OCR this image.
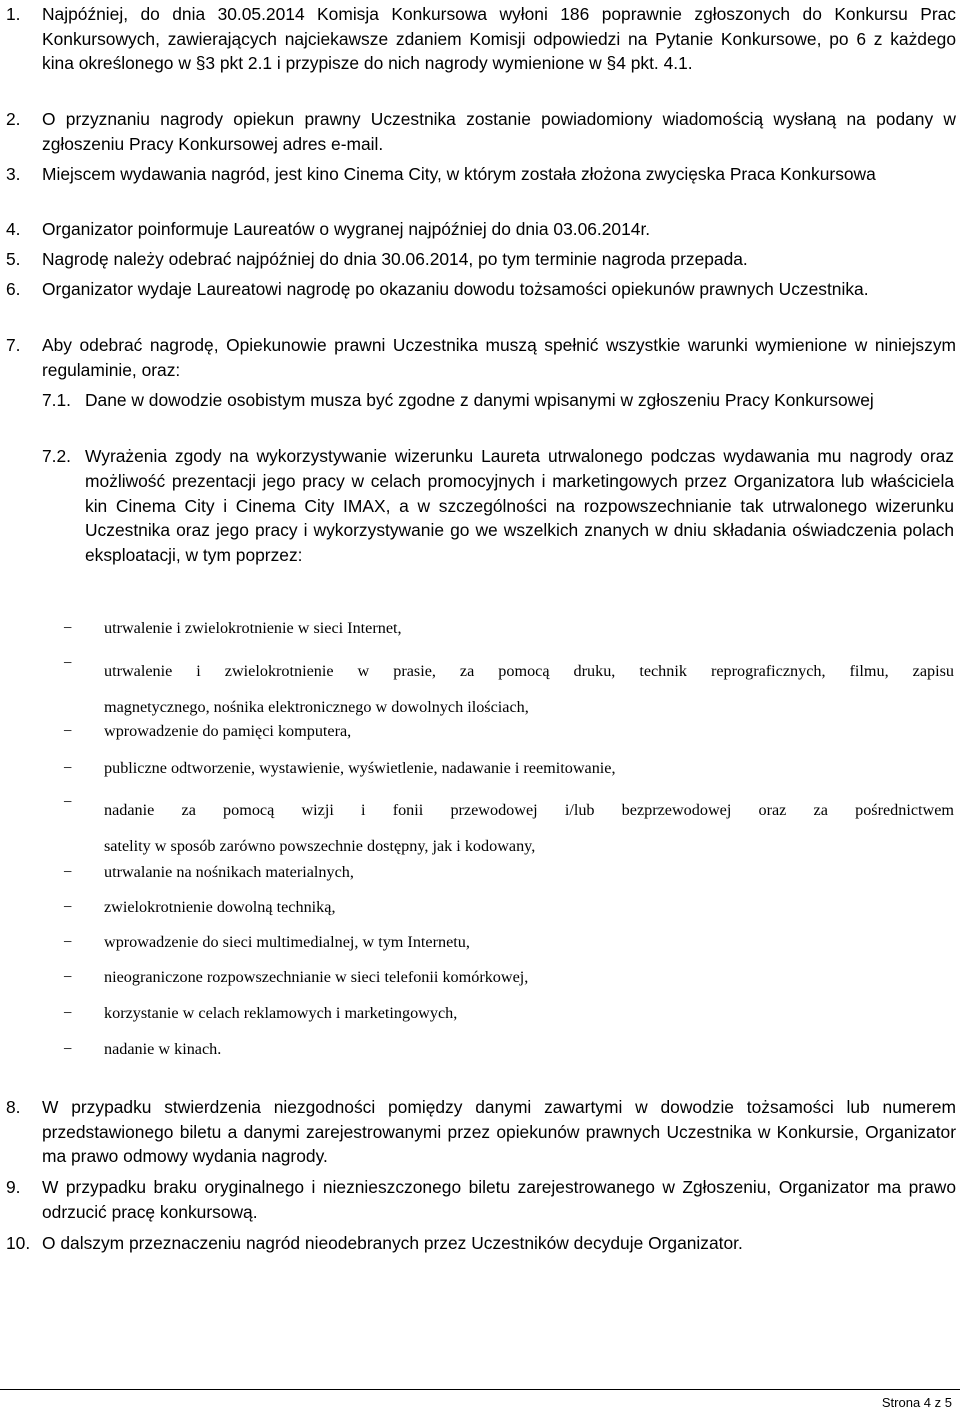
1. Najpóźniej, do dnia 30.05.2014 Komisja Konkursowa wyłoni 186 poprawnie zgłoszonych do Konkursu Prac Konkursowych, zawierających najciekawsze zdaniem Komisji odpowiedzi na Pytanie Konkursowe, po 6 z każdego kina określonego w §3 pkt 2.1 i przypisze do nich nagrody wymienione w §4 pkt. 4.1.
2. O przyznaniu nagrody opiekun prawny Uczestnika zostanie powiadomiony wiadomością wysłaną na podany w zgłoszeniu Pracy Konkursowej adres e-mail.
3. Miejscem wydawania nagród, jest kino Cinema City, w którym została złożona zwycięska Praca Konkursowa
4. Organizator poinformuje Laureatów o wygranej najpóźniej do dnia 03.06.2014r.
5. Nagrodę należy odebrać najpóźniej do dnia 30.06.2014, po tym terminie nagroda przepada.
6. Organizator wydaje Laureatowi nagrodę po okazaniu dowodu tożsamości opiekunów prawnych Uczestnika.
7. Aby odebrać nagrodę, Opiekunowie prawni Uczestnika muszą spełnić wszystkie warunki wymienione w niniejszym regulaminie, oraz:
7.1. Dane w dowodzie osobistym musza być zgodne z danymi wpisanymi w zgłoszeniu Pracy Konkursowej
7.2. Wyrażenia zgody na wykorzystywanie wizerunku Laureta utrwalonego podczas wydawania mu nagrody oraz możliwość prezentacji jego pracy w celach promocyjnych i marketingowych przez Organizatora lub właściciela kin Cinema City i Cinema City IMAX, a w szczególności na rozpowszechnianie tak utrwalonego wizerunku Uczestnika oraz jego pracy i wykorzystywanie go we wszelkich znanych w dniu składania oświadczenia polach eksploatacji, w tym poprzez:
−	utrwalenie i zwielokrotnienie w sieci Internet,
−	utrwalenie i zwielokrotnienie w prasie, za pomocą druku, technik reprograficznych, filmu, zapisu
magnetycznego, nośnika elektronicznego w dowolnych ilościach,
−	wprowadzenie do pamięci komputera,
−	publiczne odtworzenie, wystawienie, wyświetlenie, nadawanie i reemitowanie,
−	nadanie za pomocą wizji i fonii przewodowej i/lub bezprzewodowej oraz za pośrednictwem
satelity w sposób zarówno powszechnie dostępny, jak i kodowany,
−	utrwalanie na nośnikach materialnych,
−	zwielokrotnienie dowolną techniką,
−	wprowadzenie do sieci multimedialnej, w tym Internetu,
−	nieograniczone rozpowszechnianie w sieci telefonii komórkowej,
−	korzystanie w celach reklamowych i marketingowych,
−	nadanie w kinach.
8. W przypadku stwierdzenia niezgodności pomiędzy danymi zawartymi w dowodzie tożsamości lub numerem przedstawionego biletu a danymi zarejestrowanymi przez opiekunów prawnych Uczestnika w Konkursie, Organizator ma prawo odmowy wydania nagrody.
9. W przypadku braku oryginalnego i nieznieszczonego biletu zarejestrowanego w Zgłoszeniu, Organizator ma prawo odrzucić pracę konkursową.
10. O dalszym przeznaczeniu nagród nieodebranych przez Uczestników decyduje Organizator.
Strona 4 z 5
